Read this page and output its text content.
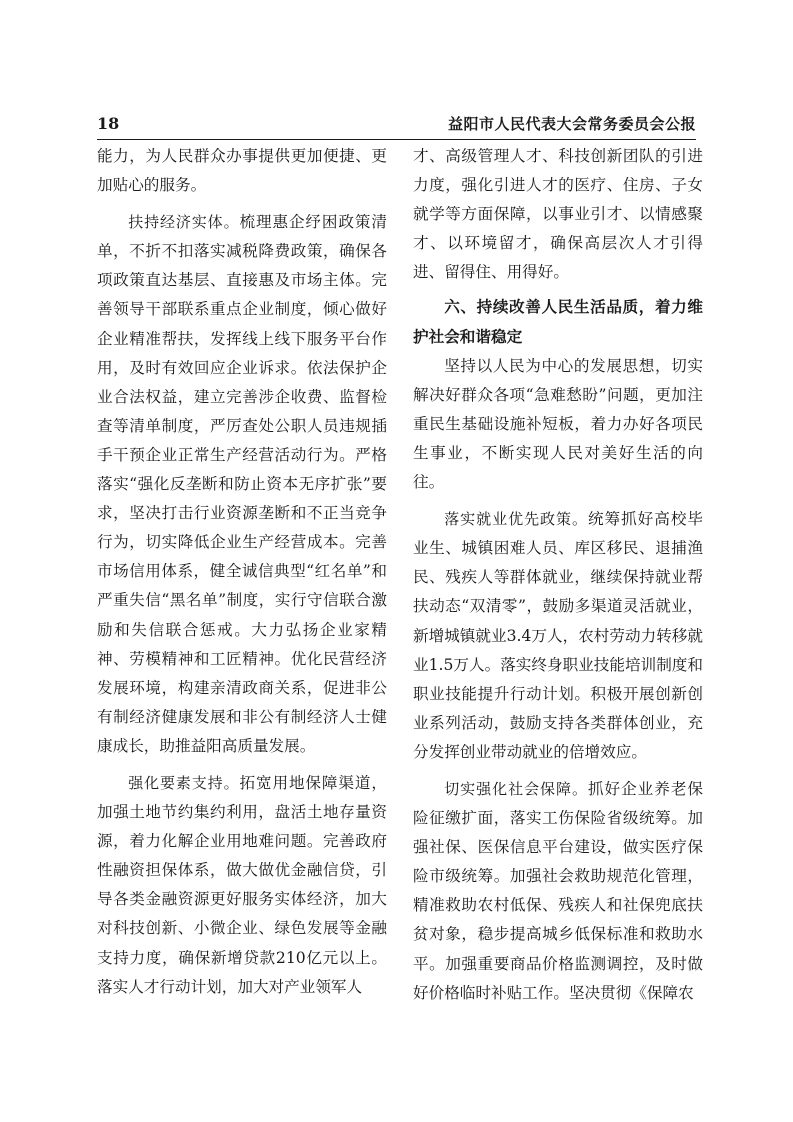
18	益阳市人民代表大会常务委员会公报

能力，为人民群众办事提供更加便捷、更加贴心的服务。

扶持经济实体。梳理惠企纾困政策清单，不折不扣落实减税降费政策，确保各项政策直达基层、直接惠及市场主体。完善领导干部联系重点企业制度，倾心做好企业精准帮扶，发挥线上线下服务平台作用，及时有效回应企业诉求。依法保护企业合法权益，建立完善涉企收费、监督检查等清单制度，严厉查处公职人员违规插手干预企业正常生产经营活动行为。严格落实“强化反垄断和防止资本无序扩张”要求，坚决打击行业资源垄断和不正当竞争行为，切实降低企业生产经营成本。完善市场信用体系，健全诚信典型“红名单”和严重失信“黑名单”制度，实行守信联合激励和失信联合惩戒。大力弘扬企业家精神、劳模精神和工匠精神。优化民营经济发展环境，构建亲清政商关系，促进非公有制经济健康发展和非公有制经济人士健康成长，助推益阳高质量发展。

强化要素支持。拓宽用地保障渠道，加强土地节约集约利用，盘活土地存量资源，着力化解企业用地难问题。完善政府性融资担保体系，做大做优金融信贷，引导各类金融资源更好服务实体经济，加大对科技创新、小微企业、绿色发展等金融支持力度，确保新增贷款210亿元以上。落实人才行动计划，加大对产业领军人

才、高级管理人才、科技创新团队的引进力度，强化引进人才的医疗、住房、子女就学等方面保障，以事业引才、以情感聚才、以环境留才，确保高层次人才引得进、留得住、用得好。

六、持续改善人民生活品质，着力维护社会和谐稳定

坚持以人民为中心的发展思想，切实解决好群众各项“急难愁盼”问题，更加注重民生基础设施补短板，着力办好各项民生事业，不断实现人民对美好生活的向往。

落实就业优先政策。统筹抓好高校毕业生、城镇困难人员、库区移民、退捕渔民、残疾人等群体就业，继续保持就业帮扶动态“双清零”，鼓励多渠道灵活就业，新增城镇就业3.4万人，农村劳动力转移就业1.5万人。落实终身职业技能培训制度和职业技能提升行动计划。积极开展创新创业系列活动，鼓励支持各类群体创业，充分发挥创业带动就业的倍增效应。

切实强化社会保障。抓好企业养老保险征缴扩面，落实工伤保险省级统筹。加强社保、医保信息平台建设，做实医疗保险市级统筹。加强社会救助规范化管理，精准救助农村低保、残疾人和社保兜底扶贫对象，稳步提高城乡低保标准和救助水平。加强重要商品价格监测调控，及时做好价格临时补贴工作。坚决贯彻《保障农
